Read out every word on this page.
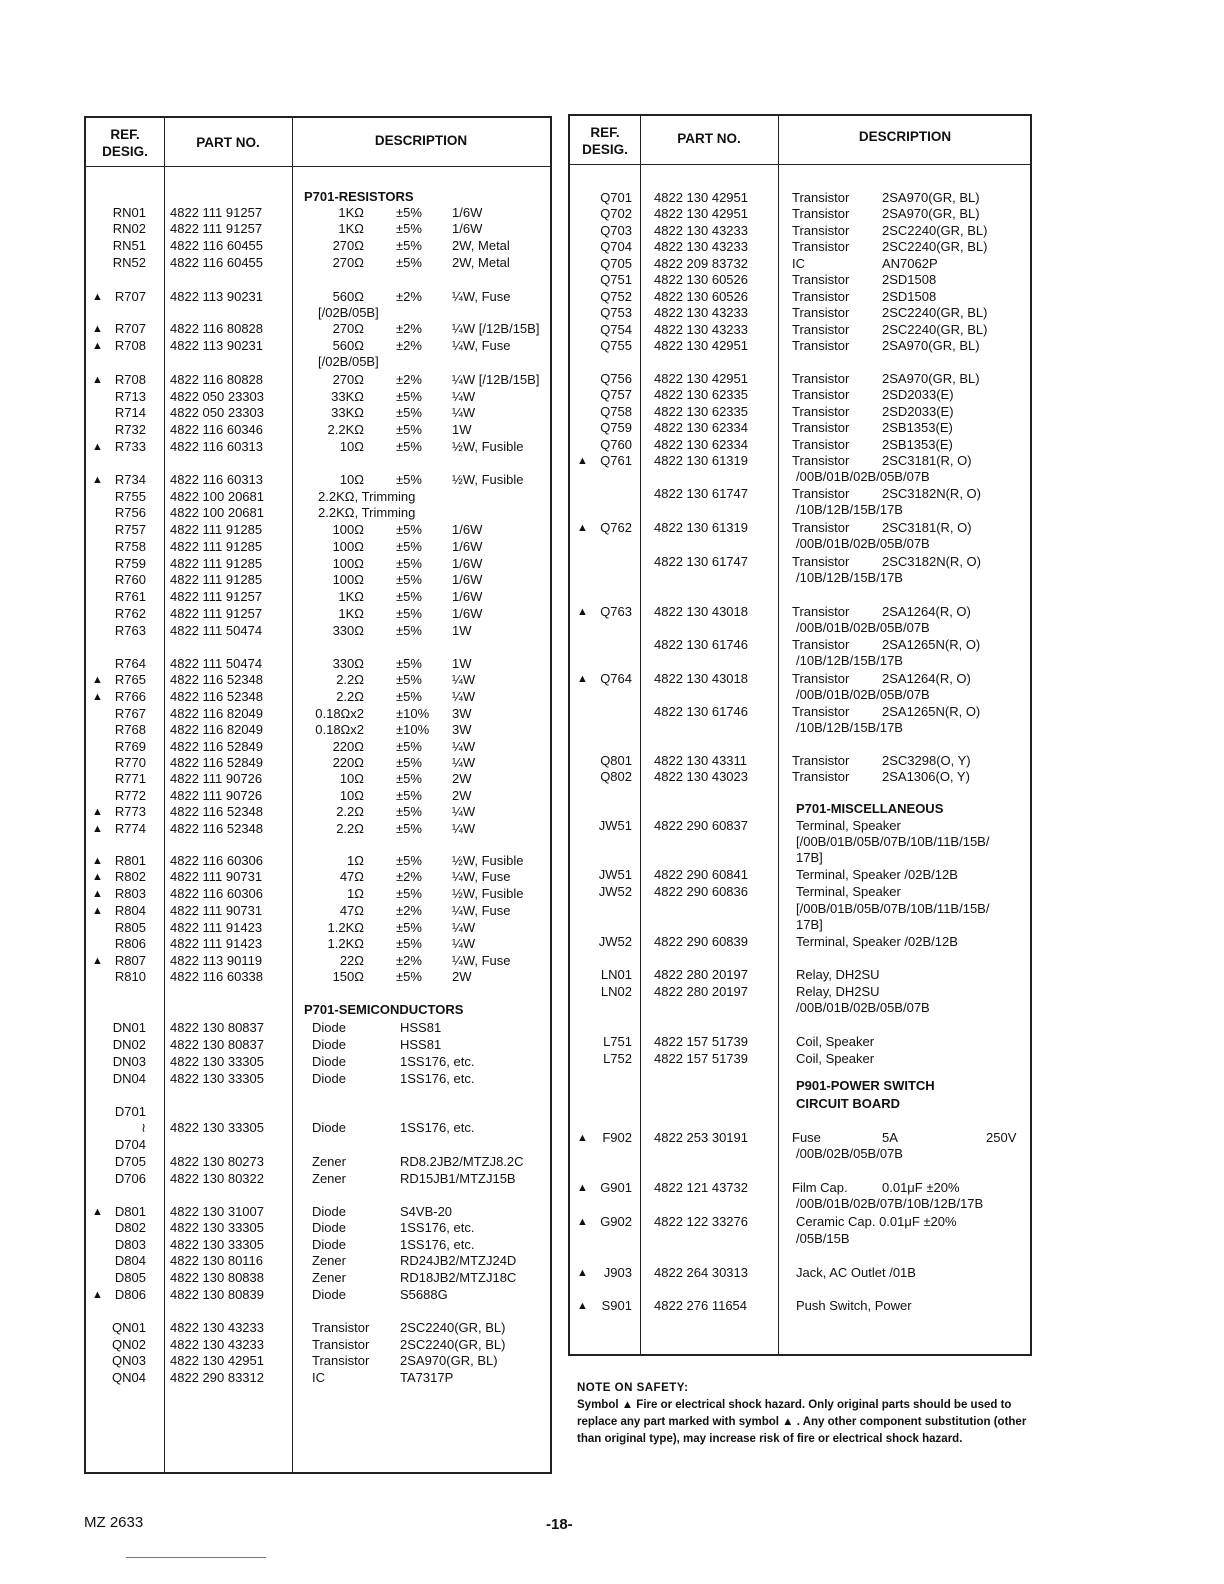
REF.
DESIG.
PART NO.	DESCRIPTION
P701-RESISTORS
RN01 4822 111 91257	1KΩ ±5% 1/6W
RN02 4822 111 91257	1KΩ ±5% 1/6W
RN51 4822 116 60455	270Ω ±5% 2W, Metal
RN52 4822 116 60455	270Ω ±5% 2W, Metal
▲ R707 4822 113 90231	560Ω ±2% ¼W, Fuse
[/02B/05B]
▲ R707 4822 116 80828	270Ω ±2% ¼W [/12B/15B]
▲ R708 4822 113 90231	560Ω ±2% ¼W, Fuse
[/02B/05B]
▲ R708 4822 116 80828	270Ω ±2% ¼W [/12B/15B]
R713 4822 050 23303	33KΩ ±5% ¼W
R714 4822 050 23303	33KΩ ±5% ¼W
R732 4822 116 60346	2.2KΩ ±5% 1W
▲ R733 4822 116 60313	10Ω ±5% ½W, Fusible
▲ R734 4822 116 60313	10Ω ±5% ½W, Fusible
R755 4822 100 20681	2.2KΩ, Trimming
R756 4822 100 20681	2.2KΩ, Trimming
R757 4822 111 91285	100Ω ±5% 1/6W
R758 4822 111 91285	100Ω ±5% 1/6W
R759 4822 111 91285	100Ω ±5% 1/6W
R760 4822 111 91285	100Ω ±5% 1/6W
R761 4822 111 91257	1KΩ ±5% 1/6W
R762 4822 111 91257	1KΩ ±5% 1/6W
R763 4822 111 50474	330Ω ±5% 1W
R764 4822 111 50474	330Ω ±5% 1W
▲ R765 4822 116 52348	2.2Ω ±5% ¼W
▲ R766 4822 116 52348	2.2Ω ±5% ¼W
R767 4822 116 82049	0.18Ωx2 ±10% 3W
R768 4822 116 82049	0.18Ωx2 ±10% 3W
R769 4822 116 52849	220Ω ±5% ¼W
R770 4822 116 52849	220Ω ±5% ¼W
R771 4822 111 90726	10Ω ±5% 2W
R772 4822 111 90726	10Ω ±5% 2W
▲ R773 4822 116 52348	2.2Ω ±5% ¼W
▲ R774 4822 116 52348	2.2Ω ±5% ¼W
▲ R801 4822 116 60306	1Ω ±5% ½W, Fusible
▲ R802 4822 111 90731	47Ω ±2% ¼W, Fuse
▲ R803 4822 116 60306	1Ω ±5% ½W, Fusible
▲ R804 4822 111 90731	47Ω ±2% ¼W, Fuse
R805 4822 111 91423	1.2KΩ ±5% ¼W
R806 4822 111 91423	1.2KΩ ±5% ¼W
▲ R807 4822 113 90119	22Ω ±2% ¼W, Fuse
R810 4822 116 60338	150Ω ±5% 2W
P701-SEMICONDUCTORS
DN01 4822 130 80837	Diode	HSS81
DN02 4822 130 80837	Diode	HSS81
DN03 4822 130 33305	Diode	1SS176, etc.
DN04 4822 130 33305	Diode	1SS176, etc.
D701
≀ 4822 130 33305	Diode	1SS176, etc.
D704
D705 4822 130 80273	Zener	RD8.2JB2/MTZJ8.2C
D706 4822 130 80322	Zener	RD15JB1/MTZJ15B
▲ D801 4822 130 31007	Diode	S4VB-20
D802 4822 130 33305	Diode	1SS176, etc.
D803 4822 130 33305	Diode	1SS176, etc.
D804 4822 130 80116	Zener	RD24JB2/MTZJ24D
D805 4822 130 80838	Zener	RD18JB2/MTZJ18C
▲ D806 4822 130 80839	Diode	S5688G
QN01 4822 130 43233	Transistor 2SC2240(GR, BL)
QN02 4822 130 43233	Transistor 2SC2240(GR, BL)
QN03 4822 130 42951	Transistor 2SA970(GR, BL)
QN04 4822 290 83312	IC	TA7317P
REF.
DESIG.
PART NO.	DESCRIPTION
Q701 4822 130 42951	Transistor	2SA970(GR, BL)
Q702 4822 130 42951	Transistor	2SA970(GR, BL)
Q703 4822 130 43233	Transistor	2SC2240(GR, BL)
Q704 4822 130 43233	Transistor	2SC2240(GR, BL)
Q705 4822 209 83732	IC	AN7062P
Q751 4822 130 60526	Transistor	2SD1508
Q752 4822 130 60526	Transistor	2SD1508
Q753 4822 130 43233	Transistor	2SC2240(GR, BL)
Q754 4822 130 43233	Transistor	2SC2240(GR, BL)
Q755 4822 130 42951	Transistor	2SA970(GR, BL)
Q756 4822 130 42951	Transistor	2SA970(GR, BL)
Q757 4822 130 62335	Transistor	2SD2033(E)
Q758 4822 130 62335	Transistor	2SD2033(E)
Q759 4822 130 62334	Transistor	2SB1353(E)
Q760 4822 130 62334	Transistor	2SB1353(E)
▲ Q761 4822 130 61319	Transistor	2SC3181(R, O)
/00B/01B/02B/05B/07B
4822 130 61747	Transistor	2SC3182N(R, O)
/10B/12B/15B/17B
▲ Q762 4822 130 61319	Transistor	2SC3181(R, O)
/00B/01B/02B/05B/07B
4822 130 61747	Transistor	2SC3182N(R, O)
/10B/12B/15B/17B
▲ Q763 4822 130 43018	Transistor	2SA1264(R, O)
/00B/01B/02B/05B/07B
4822 130 61746	Transistor	2SA1265N(R, O)
/10B/12B/15B/17B
▲ Q764 4822 130 43018	Transistor	2SA1264(R, O)
/00B/01B/02B/05B/07B
4822 130 61746	Transistor	2SA1265N(R, O)
/10B/12B/15B/17B
Q801 4822 130 43311	Transistor	2SC3298(O, Y)
Q802 4822 130 43023	Transistor	2SA1306(O, Y)
P701-MISCELLANEOUS
JW51 4822 290 60837	Terminal, Speaker
[/00B/01B/05B/07B/10B/11B/15B/
17B]
JW51 4822 290 60841	Terminal, Speaker /02B/12B
JW52 4822 290 60836	Terminal, Speaker
[/00B/01B/05B/07B/10B/11B/15B/
17B]
JW52 4822 290 60839	Terminal, Speaker /02B/12B
LN01 4822 280 20197	Relay, DH2SU
LN02 4822 280 20197	Relay, DH2SU
/00B/01B/02B/05B/07B
L751 4822 157 51739	Coil, Speaker
L752 4822 157 51739	Coil, Speaker
P901-POWER SWITCH
CIRCUIT BOARD
▲	F902 4822 253 30191	Fuse	5A	250V
/00B/02B/05B/07B
▲ G901 4822 121 43732	Film Cap.	0.01μF ±20%
/00B/01B/02B/07B/10B/12B/17B
▲ G902 4822 122 33276	Ceramic Cap. 0.01μF ±20%
/05B/15B
▲	J903 4822 264 30313	Jack, AC Outlet /01B
▲	S901 4822 276 11654	Push Switch, Power
NOTE ON SAFETY:
Symbol ▲ Fire or electrical shock hazard. Only original parts should be used to replace any part marked with symbol ▲ . Any other component substitution (other than original type), may increase risk of fire or electrical shock hazard.
MZ 2633	-18-
